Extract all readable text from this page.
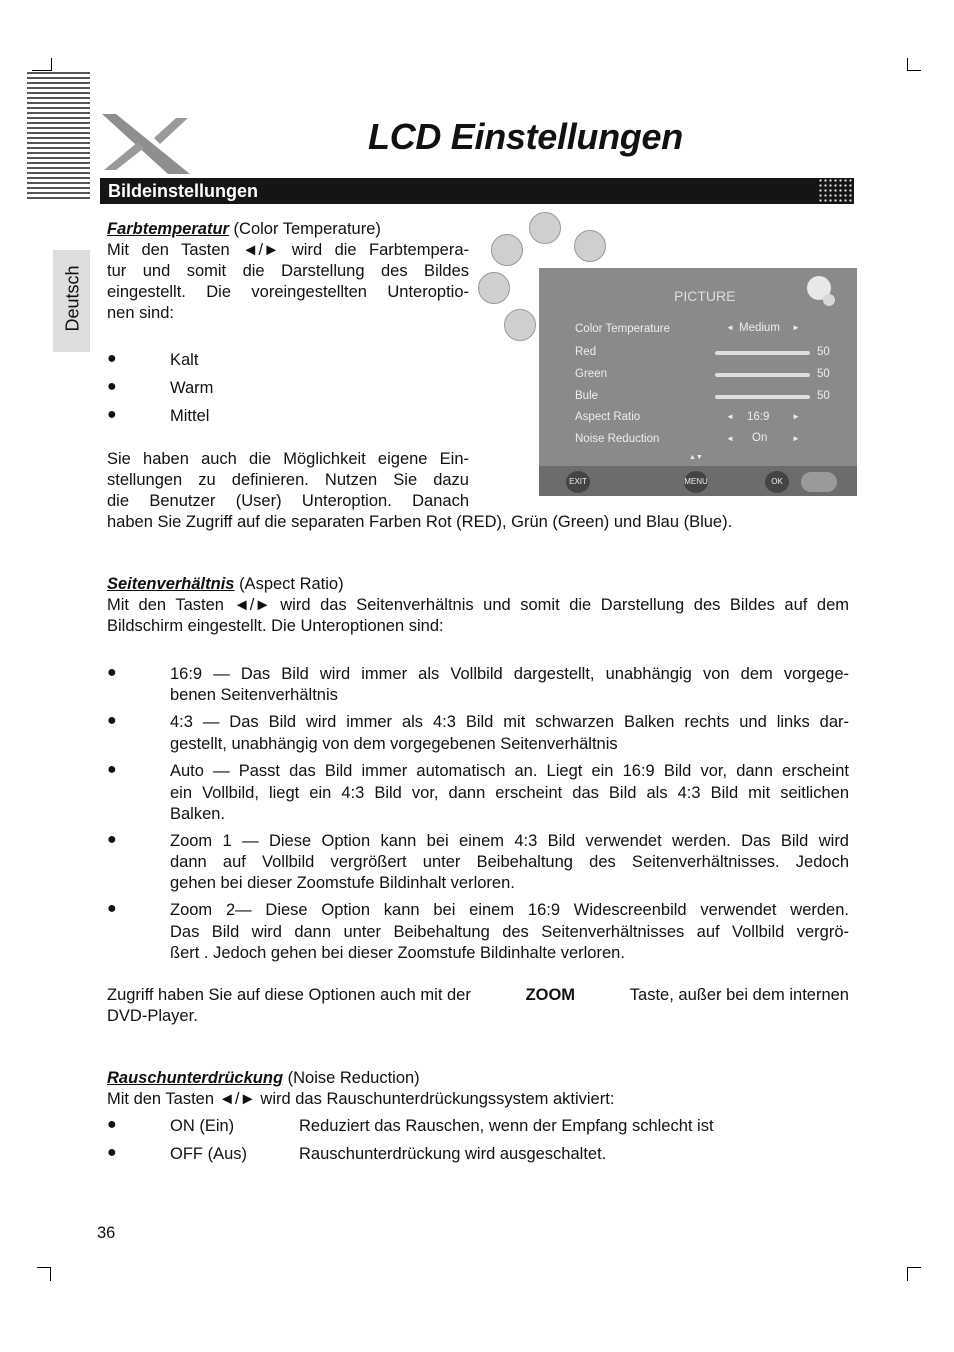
LCD Einstellungen
Bildeinstellungen
Deutsch
Farbtemperatur (Color Temperature)
Mit den Tasten ◄/► wird die Farbtempera-
tur und somit die Darstellung des Bildes
eingestellt. Die voreingestellten Unteroptio-
nen sind:
●	Kalt
●	Warm
●	Mittel
Sie haben auch die Möglichkeit eigene Ein-
stellungen zu definieren. Nutzen Sie dazu
die Benutzer (User) Unteroption. Danach
haben Sie Zugriff auf die separaten Farben Rot (RED), Grün (Green) und Blau (Blue).
PICTURE
Color Temperature	◄ Medium ►
Red	50
Green	50
Bule	50
Aspect Ratio	◄ 16:9	►
Noise Reduction	◄ On	►
▲▼
EXIT	MENU	OK
Seitenverhältnis (Aspect Ratio)
Mit den Tasten ◄/► wird das Seitenverhältnis und somit die Darstellung des Bildes auf dem
Bildschirm eingestellt. Die Unteroptionen sind:
●	16:9 — Das Bild wird immer als Vollbild dargestellt, unabhängig von dem vorgege-
benen Seitenverhältnis
●	4:3 — Das Bild wird immer als 4:3 Bild mit schwarzen Balken rechts und links dar-
gestellt, unabhängig von dem vorgegebenen Seitenverhältnis
●	Auto — Passt das Bild immer automatisch an. Liegt ein 16:9 Bild vor, dann erscheint
ein Vollbild, liegt ein 4:3 Bild vor, dann erscheint das Bild als 4:3 Bild mit seitlichen
Balken.
●	Zoom 1 — Diese Option kann bei einem 4:3 Bild verwendet werden. Das Bild wird
dann auf Vollbild vergrößert unter Beibehaltung des Seitenverhältnisses. Jedoch
gehen bei dieser Zoomstufe Bildinhalt verloren.
●	Zoom 2— Diese Option kann bei einem 16:9 Widescreenbild verwendet werden.
Das Bild wird dann unter Beibehaltung des Seitenverhältnisses auf Vollbild vergrö-
ßert . Jedoch gehen bei dieser Zoomstufe Bildinhalte verloren.
Zugriff haben Sie auf diese Optionen auch mit der	ZOOM	Taste, außer bei dem internen
DVD-Player.
Rauschunterdrückung (Noise Reduction)
Mit den Tasten ◄/► wird das Rauschunterdrückungssystem aktiviert:
●	ON (Ein)	Reduziert das Rauschen, wenn der Empfang schlecht ist
●	OFF (Aus)	Rauschunterdrückung wird ausgeschaltet.
36
